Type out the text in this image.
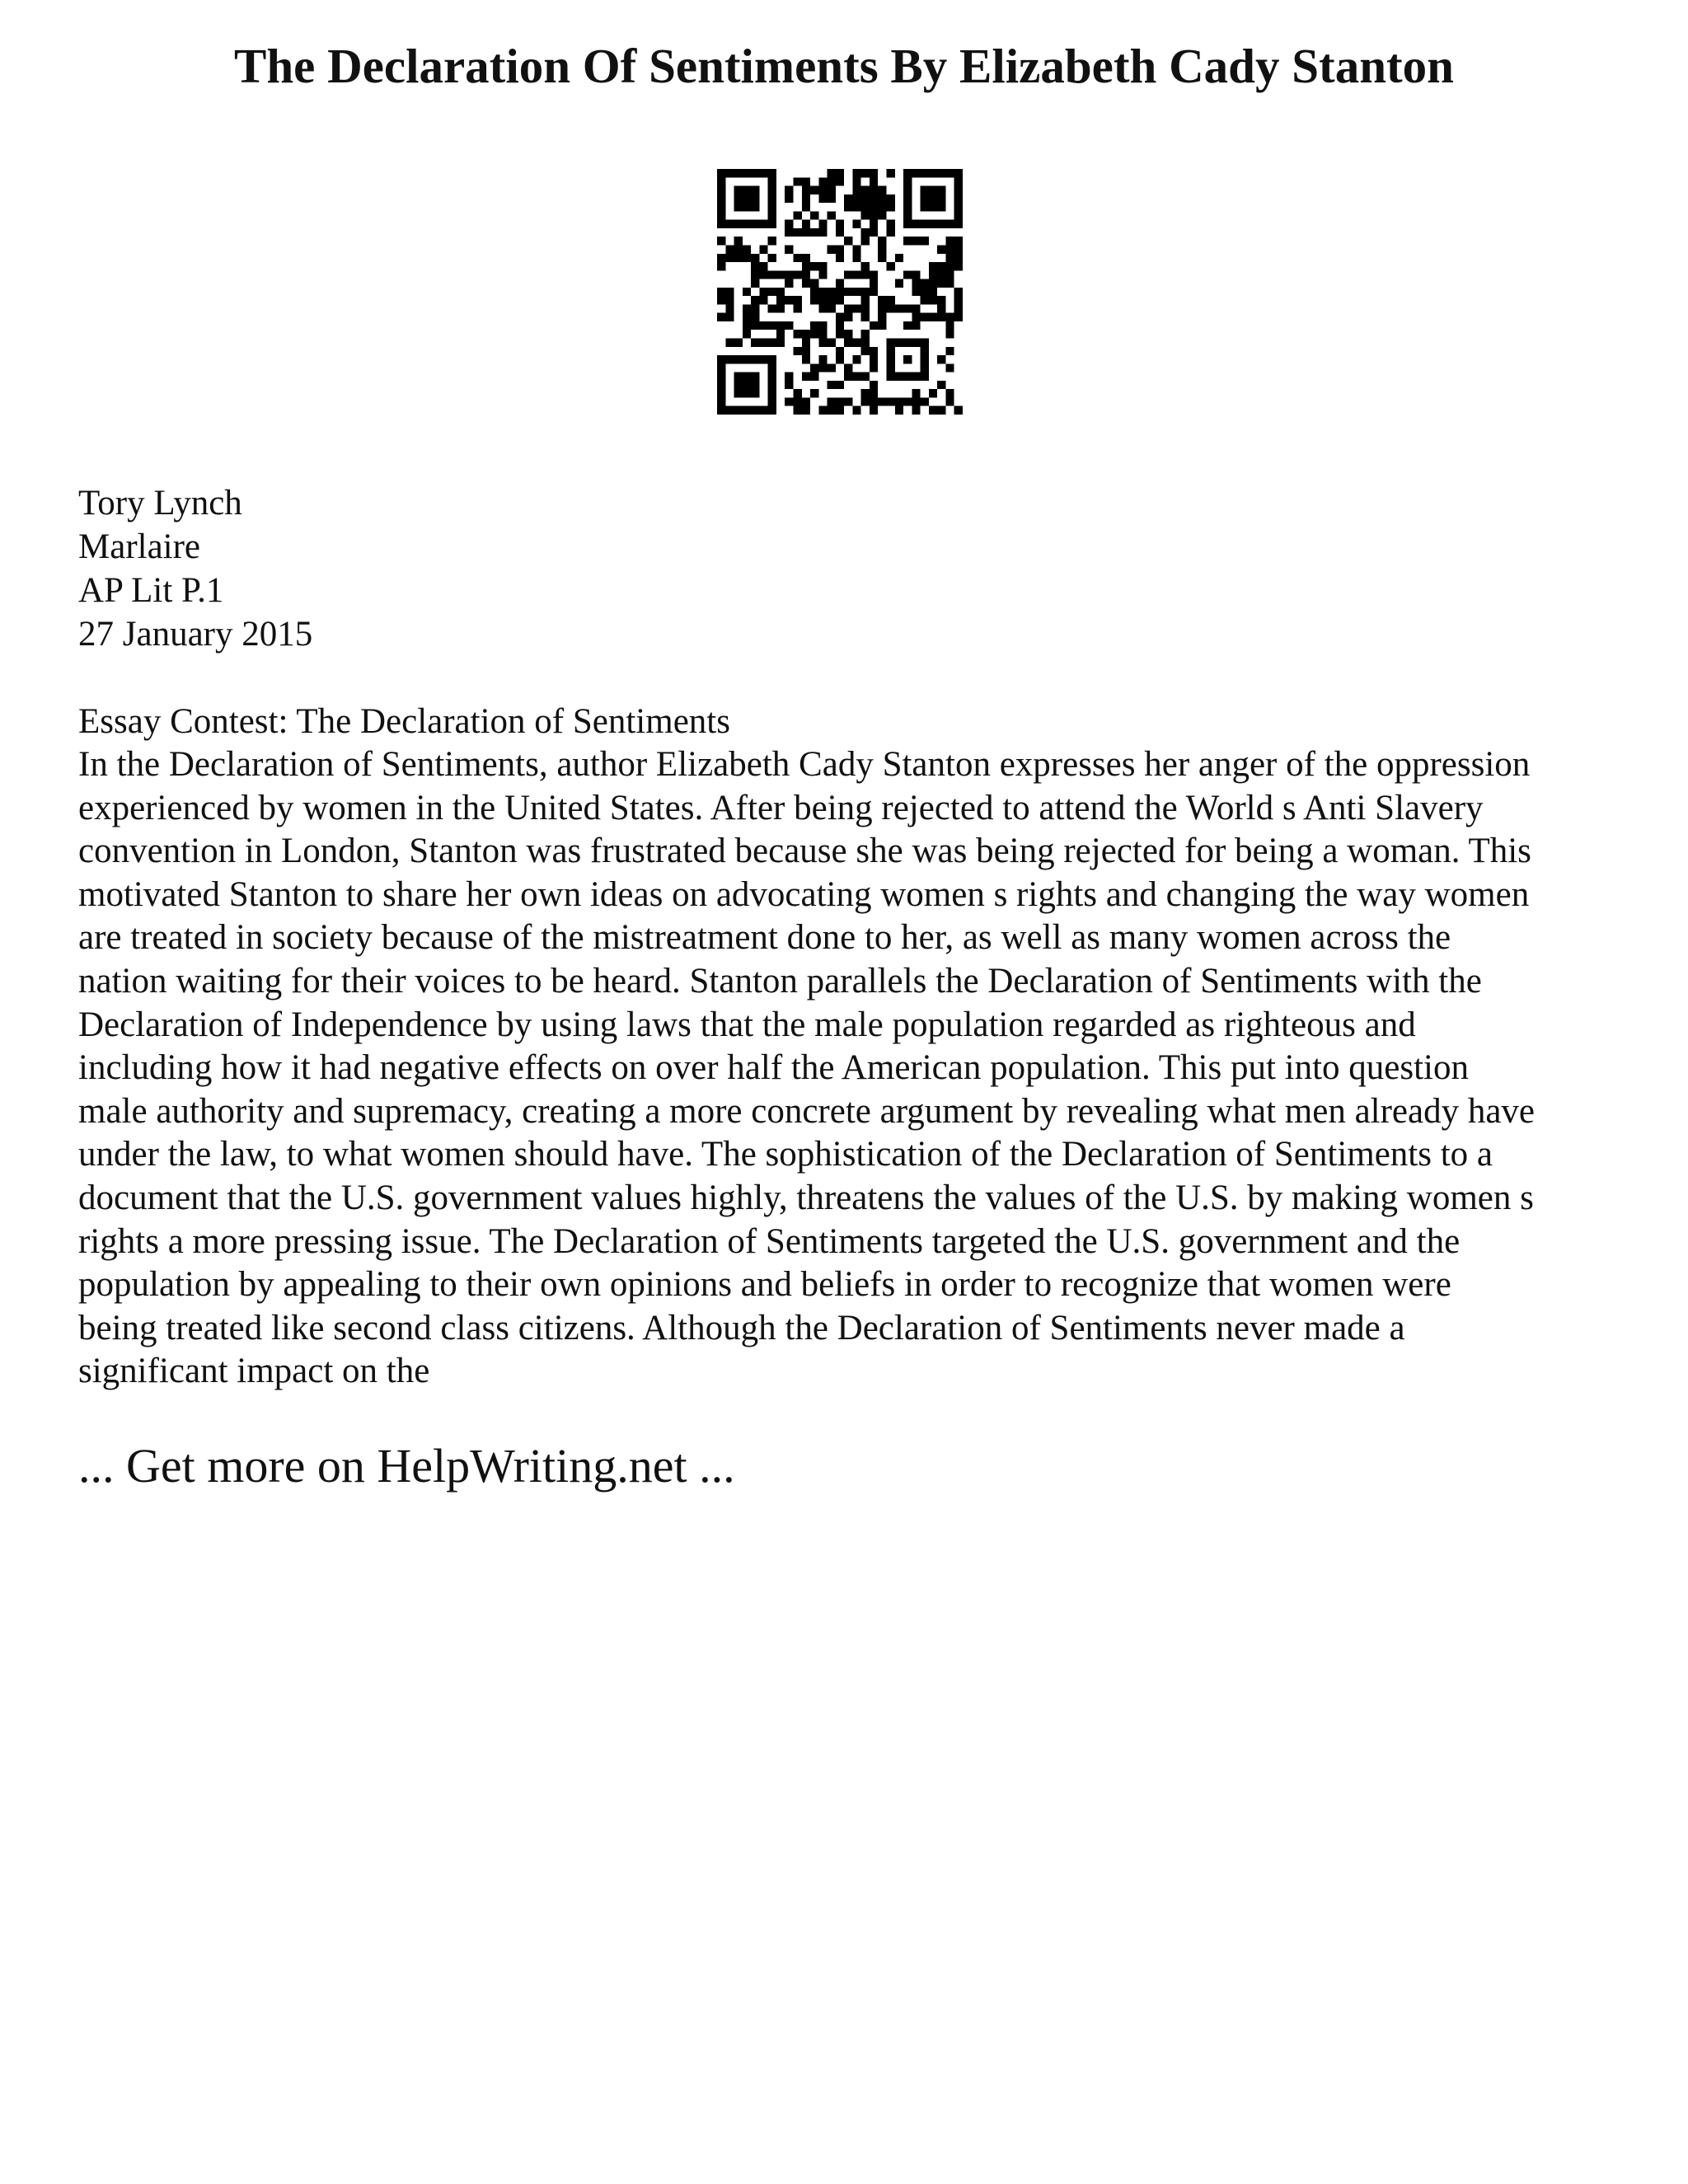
The Declaration Of Sentiments By Elizabeth Cady Stanton
Tory Lynch
Marlaire
AP Lit P.1
27 January 2015
Essay Contest: The Declaration of Sentiments

In the Declaration of Sentiments, author Elizabeth Cady Stanton expresses her anger of the oppression
experienced by women in the United States. After being rejected to attend the World s Anti Slavery
convention in London, Stanton was frustrated because she was being rejected for being a woman. This
motivated Stanton to share her own ideas on advocating women s rights and changing the way women
are treated in society because of the mistreatment done to her, as well as many women across the
nation waiting for their voices to be heard. Stanton parallels the Declaration of Sentiments with the
Declaration of Independence by using laws that the male population regarded as righteous and
including how it had negative effects on over half the American population. This put into question
male authority and supremacy, creating a more concrete argument by revealing what men already have
under the law, to what women should have. The sophistication of the Declaration of Sentiments to a
document that the U.S. government values highly, threatens the values of the U.S. by making women s
rights a more pressing issue. The Declaration of Sentiments targeted the U.S. government and the
population by appealing to their own opinions and beliefs in order to recognize that women were
being treated like second class citizens. Although the Declaration of Sentiments never made a
significant impact on the

... Get more on HelpWriting.net ...
